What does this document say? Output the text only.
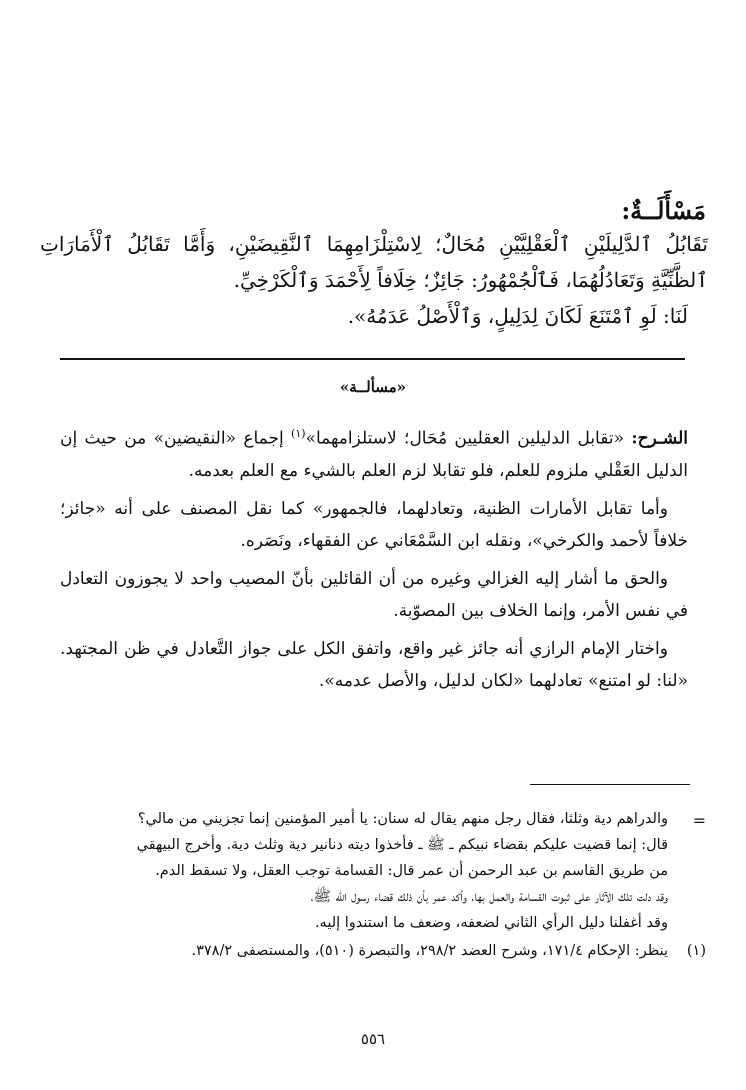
مَسْأَلَــةٌ:

تَقَابُلُ ٱلدَّلِيلَيْنِ ٱلْعَقْلِيَّيْنِ مُحَالٌ؛ لِاسْتِلْزَامِهِمَا ٱلنَّقِيضَيْنِ، وَأَمَّا تَقَابُلُ ٱلْأَمَارَاتِ ٱلظَّنِّيَّةِ وَتَعَادُلُهُمَا، فَٱلْجُمْهُورُ: جَائِزٌ؛ خِلَافاً لِأَحْمَدَ وَٱلْكَرْخِيِّ.

لَنَا: لَوِ ٱمْتَنَعَ لَكَانَ لِدَلِيلٍ، وَٱلْأَصْلُ عَدَمُهُ».

«مسألــة»

الشـرح: «تقابل الدليلين العقليين مُحَال؛ لاستلزامهما»$^{(١)}$ إجماع «النقيضين» من حيث إن الدليل العَقْلي ملزوم للعلم، فلو تقابلا لزم العلم بالشيء مع العلم بعدمه.

وأما تقابل الأمارات الظنية، وتعادلهما، فالجمهور» كما نقل المصنف على أنه «جائز؛ خلافاً لأحمد والكرخي»، ونقله ابن السَّمْعَاني عن الفقهاء، ونَصَره.

والحق ما أشار إليه الغزالي وغيره من أن القائلين بأنّ المصيب واحد لا يجوزون التعادل في نفس الأمر، وإنما الخلاف بين المصوّبة.

واختار الإمام الرازي أنه جائز غير واقع، واتفق الكل على جواز التَّعادل في ظن المجتهد. «لنا: لو امتنع» تعادلهما «لكان لدليل، والأصل عدمه».

=

والدراهم دية وثلثا، فقال رجل منهم يقال له سنان: يا أمير المؤمنين إنما تجزيني من مالي؟

قال: إنما قضيت عليكم بقضاء نبيكم ـ ﷺ ـ فأخذوا ديته دنانير دية وثلث دية. وأخرج البيهقي

من طريق القاسم بن عبد الرحمن أن عمر قال: القسامة توجب العقل، ولا تسقط الدم.

وقد دلت تلك الآثار على ثبوت القسامة والعمل بها، وأكد عمر بأن ذلك قضاء رسول الله ﷺ،

وقد أغفلنا دليل الرأي الثاني لضعفه، وضعف ما استندوا إليه.

(١)
ينظر: الإحكام ١٧١/٤، وشرح العضد ٢٩٨/٢، والتبصرة (٥١٠)، والمستصفى ٣٧٨/٢.

٥٥٦
